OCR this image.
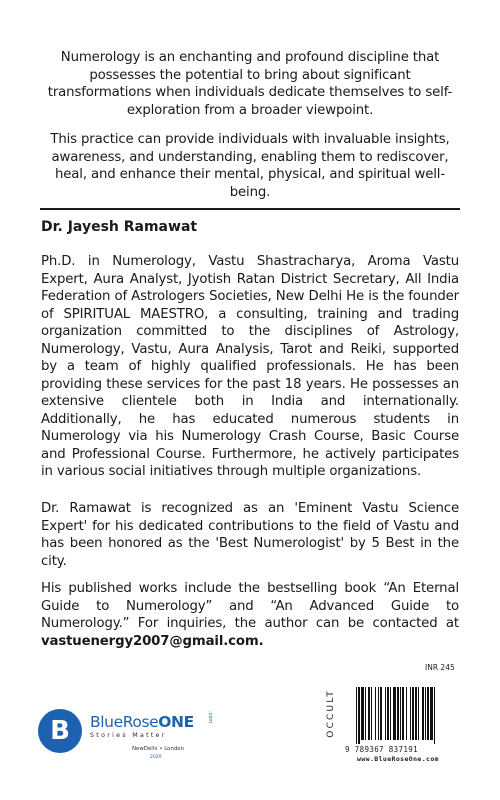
Numerology is an enchanting and profound discipline that possesses the potential to bring about significant transformations when individuals dedicate themselves to self-exploration from a broader viewpoint.

This practice can provide individuals with invaluable insights, awareness, and understanding, enabling them to rediscover, heal, and enhance their mental, physical, and spiritual well-being.

Dr. Jayesh Ramawat

Ph.D. in Numerology, Vastu Shastracharya, Aroma Vastu Expert, Aura Analyst, Jyotish Ratan District Secretary, All India Federation of Astrologers Societies, New Delhi He is the founder of SPIRITUAL MAESTRO, a consulting, training and trading organization committed to the disciplines of Astrology, Numerology, Vastu, Aura Analysis, Tarot and Reiki, supported by a team of highly qualified professionals. He has been providing these services for the past 18 years. He possesses an extensive clientele both in India and internationally. Additionally, he has educated numerous students in Numerology via his Numerology Crash Course, Basic Course and Professional Course. Furthermore, he actively participates in various social initiatives through multiple organizations.

Dr. Ramawat is recognized as an 'Eminent Vastu Science Expert' for his dedicated contributions to the field of Vastu and has been honored as the 'Best Numerologist' by 5 Best in the city.

His published works include the bestselling book “An Eternal Guide to Numerology” and “An Advanced Guide to Numerology.” For inquiries, the author can be contacted at vastuenergy2007@gmail.com.

B	BlueRoseONE	.com
Stories Matter
NewDelhi • London
2020
INR 245
OCCULT
9 789367 837191
www.BlueRoseOne.com
